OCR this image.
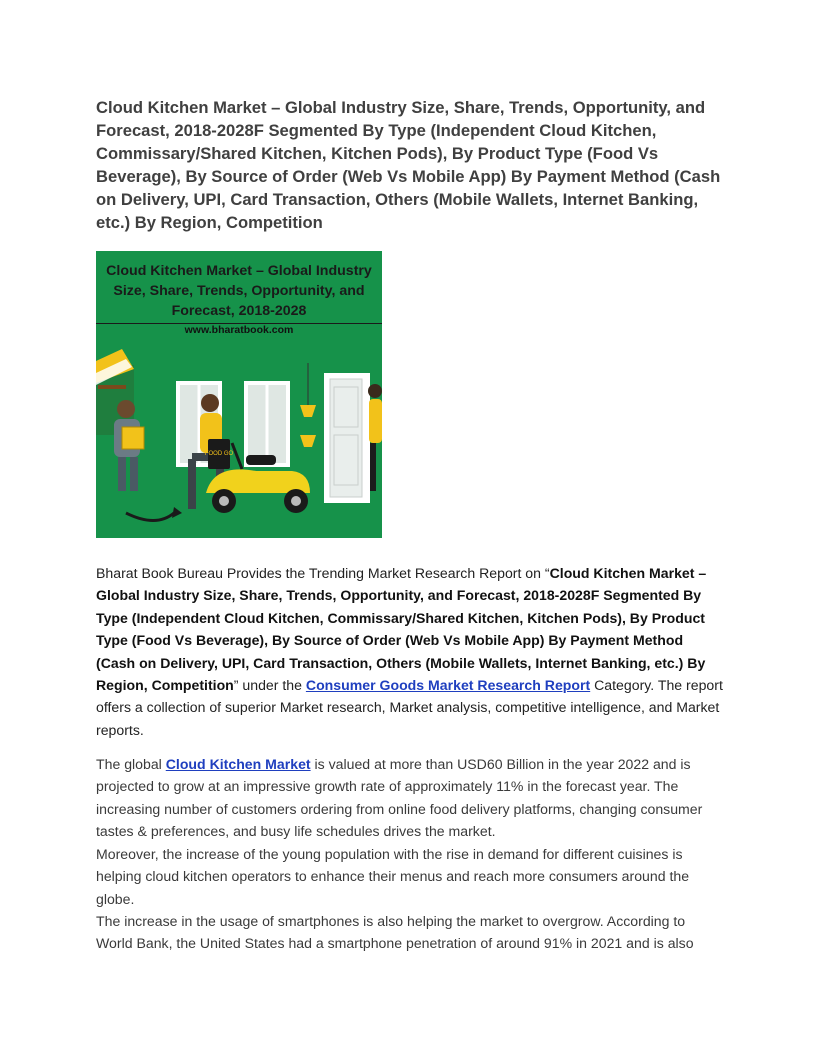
Cloud Kitchen Market – Global Industry Size, Share, Trends, Opportunity, and Forecast, 2018-2028F Segmented By Type (Independent Cloud Kitchen, Commissary/Shared Kitchen, Kitchen Pods), By Product Type (Food Vs Beverage), By Source of Order (Web Vs Mobile App) By Payment Method (Cash on Delivery, UPI, Card Transaction, Others (Mobile Wallets, Internet Banking, etc.) By Region, Competition
Cloud Kitchen Market – Global Industry Size, Share, Trends, Opportunity, and Forecast, 2018-2028
www.bharatbook.com
FOOD GO

Bharat Book Bureau Provides the Trending Market Research Report on “Cloud Kitchen Market – Global Industry Size, Share, Trends, Opportunity, and Forecast, 2018-2028F Segmented By Type (Independent Cloud Kitchen, Commissary/Shared Kitchen, Kitchen Pods), By Product Type (Food Vs Beverage), By Source of Order (Web Vs Mobile App) By Payment Method (Cash on Delivery, UPI, Card Transaction, Others (Mobile Wallets, Internet Banking, etc.) By Region, Competition” under the Consumer Goods Market Research Report Category. The report offers a collection of superior Market research, Market analysis, competitive intelligence, and Market reports.

The global Cloud Kitchen Market is valued at more than USD60 Billion in the year 2022 and is projected to grow at an impressive growth rate of approximately 11% in the forecast year. The increasing number of customers ordering from online food delivery platforms, changing consumer tastes & preferences, and busy life schedules drives the market.

Moreover, the increase of the young population with the rise in demand for different cuisines is helping cloud kitchen operators to enhance their menus and reach more consumers around the globe.

The increase in the usage of smartphones is also helping the market to overgrow. According to World Bank, the United States had a smartphone penetration of around 91% in 2021 and is also
